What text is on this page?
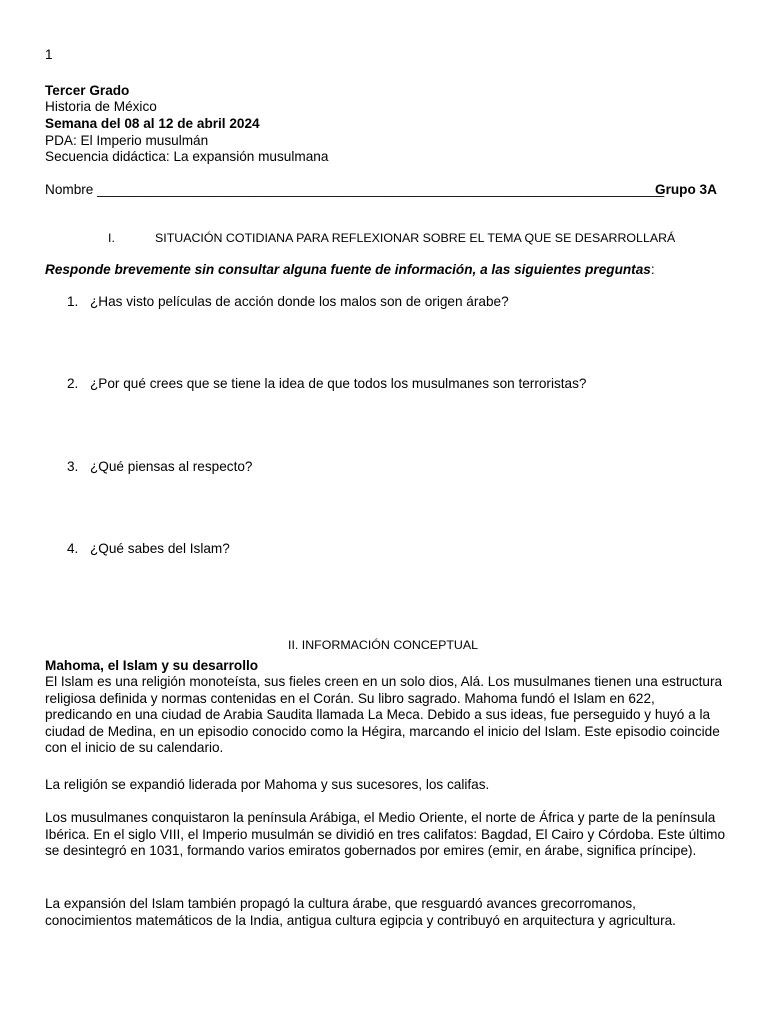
1
Tercer Grado
Historia de México
Semana del 08 al 12 de abril 2024
PDA: El Imperio musulmán
Secuencia didáctica: La expansión musulmana
Nombre ___________________________________________________________________________
Grupo 3A
I.	SITUACIÓN COTIDIANA PARA REFLEXIONAR SOBRE EL TEMA QUE SE DESARROLLARÁ
Responde brevemente sin consultar alguna fuente de información, a las siguientes preguntas:
1. ¿Has visto películas de acción donde los malos son de origen árabe?
2. ¿Por qué crees que se tiene la idea de que todos los musulmanes son terroristas?
3. ¿Qué piensas al respecto?
4. ¿Qué sabes del Islam?
II. INFORMACIÓN CONCEPTUAL
Mahoma, el Islam y su desarrollo

El Islam es una religión monoteísta, sus fieles creen en un solo dios, Alá. Los musulmanes tienen una estructura religiosa definida y normas contenidas en el Corán. Su libro sagrado. Mahoma fundó el Islam en 622, predicando en una ciudad de Arabia Saudita llamada La Meca. Debido a sus ideas, fue perseguido y huyó a la ciudad de Medina, en un episodio conocido como la Hégira, marcando el inicio del Islam. Este episodio coincide con el inicio de su calendario.

La religión se expandió liderada por Mahoma y sus sucesores, los califas.

Los musulmanes conquistaron la península Arábiga, el Medio Oriente, el norte de África y parte de la península Ibérica. En el siglo VIII, el Imperio musulmán se dividió en tres califatos: Bagdad, El Cairo y Córdoba. Este último se desintegró en 1031, formando varios emiratos gobernados por emires (emir, en árabe, significa príncipe).

La expansión del Islam también propagó la cultura árabe, que resguardó avances grecorromanos, conocimientos matemáticos de la India, antigua cultura egipcia y contribuyó en arquitectura y agricultura.
